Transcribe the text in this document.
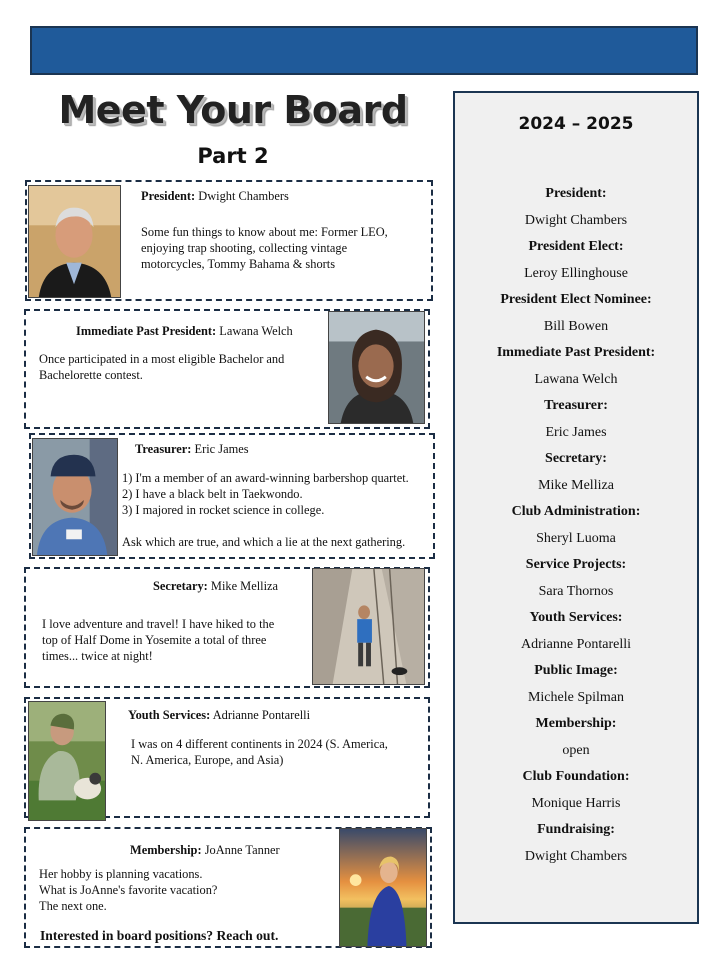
Meet Your Board
Part 2
President: Dwight Chambers
Some fun things to know about me: Former LEO,
enjoying trap shooting, collecting vintage
motorcycles, Tommy Bahama & shorts
Immediate Past President: Lawana Welch
Once participated in a most eligible Bachelor and
Bachelorette contest.
Treasurer: Eric James
1) I'm a member of an award-winning barbershop quartet.
2) I have a black belt in Taekwondo.
3) I majored in rocket science in college.
Ask which are true, and which a lie at the next gathering.
Secretary: Mike Melliza
I love adventure and travel! I have hiked to the
top of Half Dome in Yosemite a total of three
times... twice at night!
Youth Services: Adrianne Pontarelli
I was on 4 different continents in 2024 (S. America,
N. America, Europe, and Asia)
Membership: JoAnne Tanner
Her hobby is planning vacations.
What is JoAnne's favorite vacation?
The next one.
Interested in board positions? Reach out.
2024 – 2025
President:
Dwight Chambers
President Elect:
Leroy Ellinghouse
President Elect Nominee:
Bill Bowen
Immediate Past President:
Lawana Welch
Treasurer:
Eric James
Secretary:
Mike Melliza
Club Administration:
Sheryl Luoma
Service Projects:
Sara Thornos
Youth Services:
Adrianne Pontarelli
Public Image:
Michele Spilman
Membership:
open
Club Foundation:
Monique Harris
Fundraising:
Dwight Chambers
